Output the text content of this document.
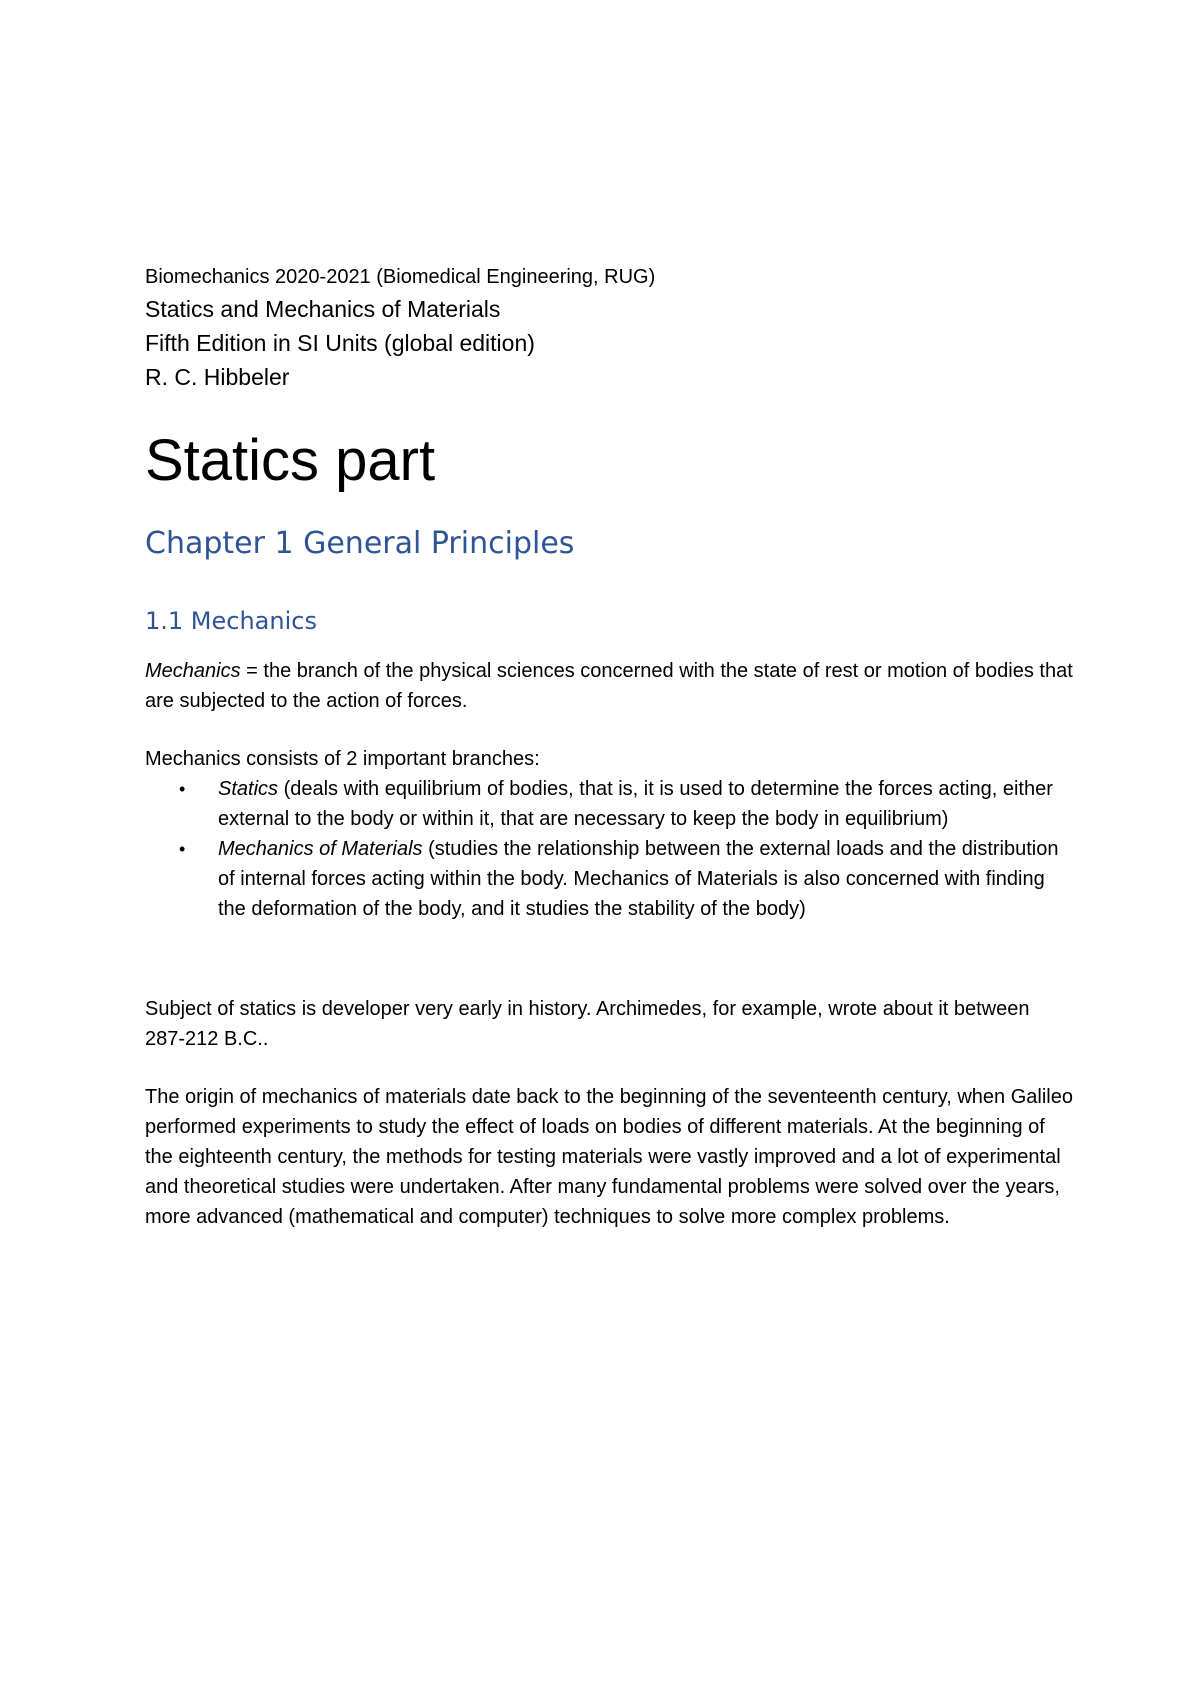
Biomechanics 2020-2021 (Biomedical Engineering, RUG)

Statics and Mechanics of Materials

Fifth Edition in SI Units (global edition)

R. C. Hibbeler

Statics part
Chapter 1 General Principles
1.1 Mechanics

Mechanics = the branch of the physical sciences concerned with the state of rest or motion of bodies that are subjected to the action of forces.

Mechanics consists of 2 important branches:

• Statics (deals with equilibrium of bodies, that is, it is used to determine the forces acting, either external to the body or within it, that are necessary to keep the body in equilibrium)
• Mechanics of Materials (studies the relationship between the external loads and the distribution of internal forces acting within the body. Mechanics of Materials is also concerned with finding the deformation of the body, and it studies the stability of the body)

Subject of statics is developer very early in history. Archimedes, for example, wrote about it between 287-212 B.C..

The origin of mechanics of materials date back to the beginning of the seventeenth century, when Galileo performed experiments to study the effect of loads on bodies of different materials. At the beginning of the eighteenth century, the methods for testing materials were vastly improved and a lot of experimental and theoretical studies were undertaken. After many fundamental problems were solved over the years, more advanced (mathematical and computer) techniques to solve more complex problems.
